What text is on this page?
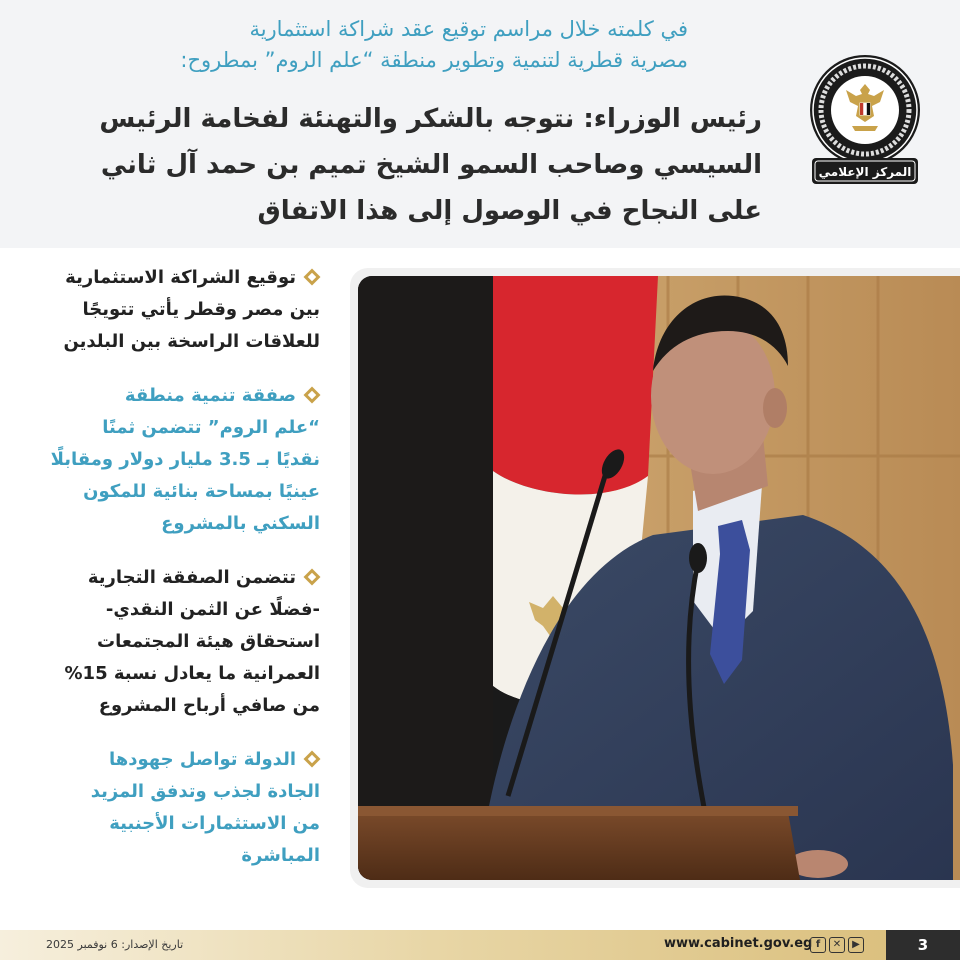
في كلمته خلال مراسم توقيع عقد شراكة استثمارية
مصرية قطرية لتنمية وتطوير منطقة “علم الروم” بمطروح:
رئيس الوزراء: نتوجه بالشكر والتهنئة لفخامة الرئيس
السيسي وصاحب السمو الشيخ تميم بن حمد آل ثاني
على النجاح في الوصول إلى هذا الاتفاق
المركز الإعلامي
توقيع الشراكة الاستثمارية
بين مصر وقطر يأتي تتويجًا
للعلاقات الراسخة بين البلدين
صفقة تنمية منطقة
“علم الروم” تتضمن ثمنًا
نقديًا بـ 3.5 مليار دولار ومقابلًا
عينيًا بمساحة بنائية للمكون
السكني بالمشروع
تتضمن الصفقة التجارية
-فضلًا عن الثمن النقدي-
استحقاق هيئة المجتمعات
العمرانية ما يعادل نسبة 15%
من صافي أرباح المشروع
الدولة تواصل جهودها
الجادة لجذب وتدفق المزيد
من الاستثمارات الأجنبية
المباشرة
تاريخ الإصدار: 6 نوفمبر 2025	www.cabinet.gov.eg f	✕	▶	3
